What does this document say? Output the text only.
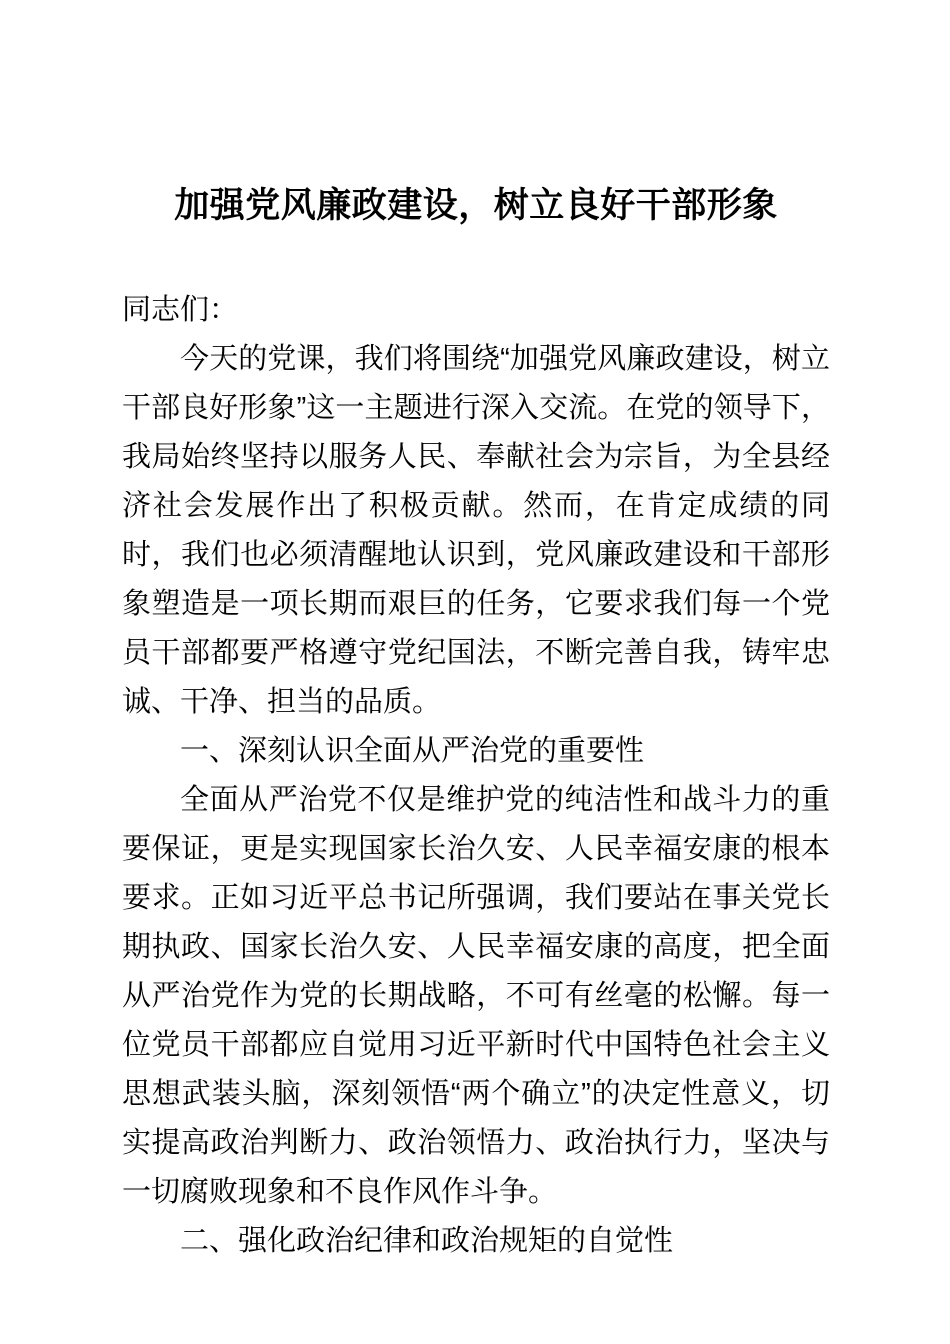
加强党风廉政建设，树立良好干部形象

同志们：

今天的党课，我们将围绕“加强党风廉政建设，树立干部良好形象”这一主题进行深入交流。在党的领导下，我局始终坚持以服务人民、奉献社会为宗旨，为全县经济社会发展作出了积极贡献。然而，在肯定成绩的同时，我们也必须清醒地认识到，党风廉政建设和干部形象塑造是一项长期而艰巨的任务，它要求我们每一个党员干部都要严格遵守党纪国法，不断完善自我，铸牢忠诚、干净、担当的品质。

一、深刻认识全面从严治党的重要性

全面从严治党不仅是维护党的纯洁性和战斗力的重要保证，更是实现国家长治久安、人民幸福安康的根本要求。正如习近平总书记所强调，我们要站在事关党长期执政、国家长治久安、人民幸福安康的高度，把全面从严治党作为党的长期战略，不可有丝毫的松懈。每一位党员干部都应自觉用习近平新时代中国特色社会主义思想武装头脑，深刻领悟“两个确立”的决定性意义，切实提高政治判断力、政治领悟力、政治执行力，坚决与一切腐败现象和不良作风作斗争。

二、强化政治纪律和政治规矩的自觉性
